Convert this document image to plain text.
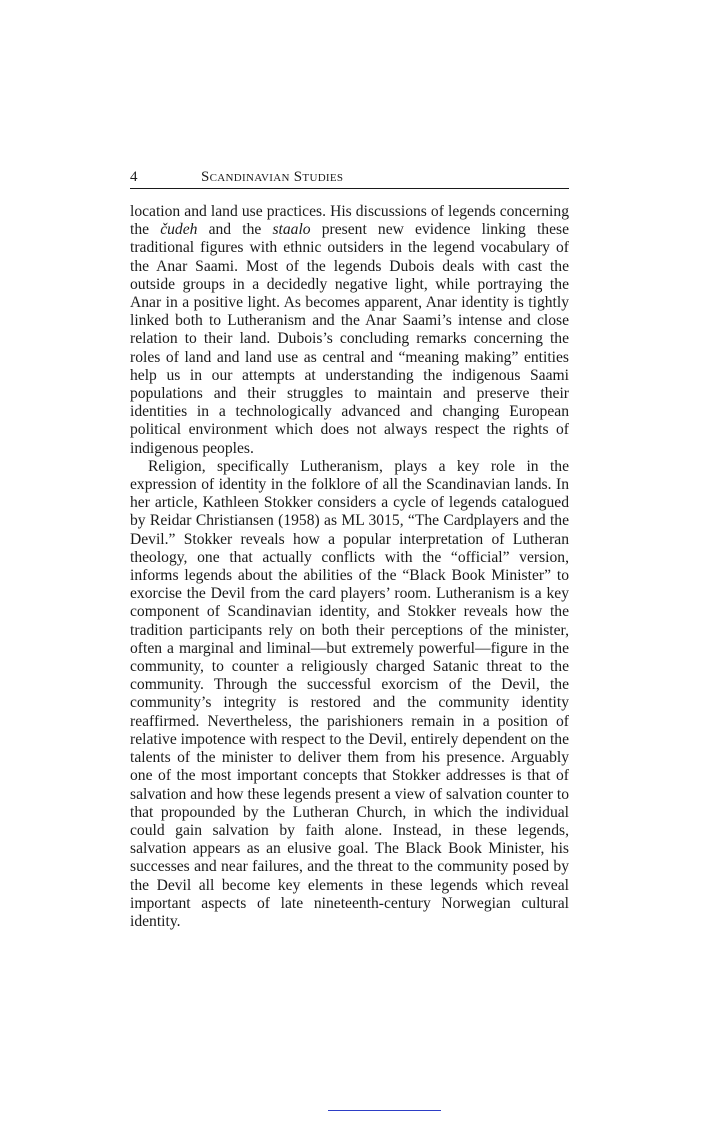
4	Scandinavian Studies

location and land use practices. His discussions of legends concerning the čudeh and the staalo present new evidence linking these traditional figures with ethnic outsiders in the legend vocabulary of the Anar Saami. Most of the legends Dubois deals with cast the outside groups in a decidedly negative light, while portraying the Anar in a positive light. As becomes apparent, Anar identity is tightly linked both to Lutheranism and the Anar Saami’s intense and close relation to their land. Dubois’s concluding remarks concerning the roles of land and land use as central and “meaning making” entities help us in our attempts at understanding the indigenous Saami populations and their struggles to maintain and preserve their identities in a technologically advanced and changing European political environment which does not always respect the rights of indigenous peoples.

Religion, specifically Lutheranism, plays a key role in the expression of identity in the folklore of all the Scandinavian lands. In her article, Kathleen Stokker considers a cycle of legends catalogued by Reidar Christiansen (1958) as ML 3015, “The Cardplayers and the Devil.” Stokker reveals how a popular interpretation of Lutheran theology, one that actually conflicts with the “official” version, informs legends about the abilities of the “Black Book Minister” to exorcise the Devil from the card players’ room. Lutheranism is a key component of Scandinavian identity, and Stokker reveals how the tradition participants rely on both their perceptions of the minister, often a marginal and liminal—but extremely powerful—figure in the community, to counter a religiously charged Satanic threat to the community. Through the successful exorcism of the Devil, the community’s integrity is restored and the community identity reaffirmed. Nevertheless, the parishioners remain in a position of relative impotence with respect to the Devil, entirely dependent on the talents of the minister to deliver them from his presence. Arguably one of the most important concepts that Stokker addresses is that of salvation and how these legends present a view of salvation counter to that propounded by the Lutheran Church, in which the individual could gain salvation by faith alone. Instead, in these legends, salvation appears as an elusive goal. The Black Book Minister, his successes and near failures, and the threat to the community posed by the Devil all become key elements in these legends which reveal important aspects of late nineteenth-century Norwegian cultural identity.
